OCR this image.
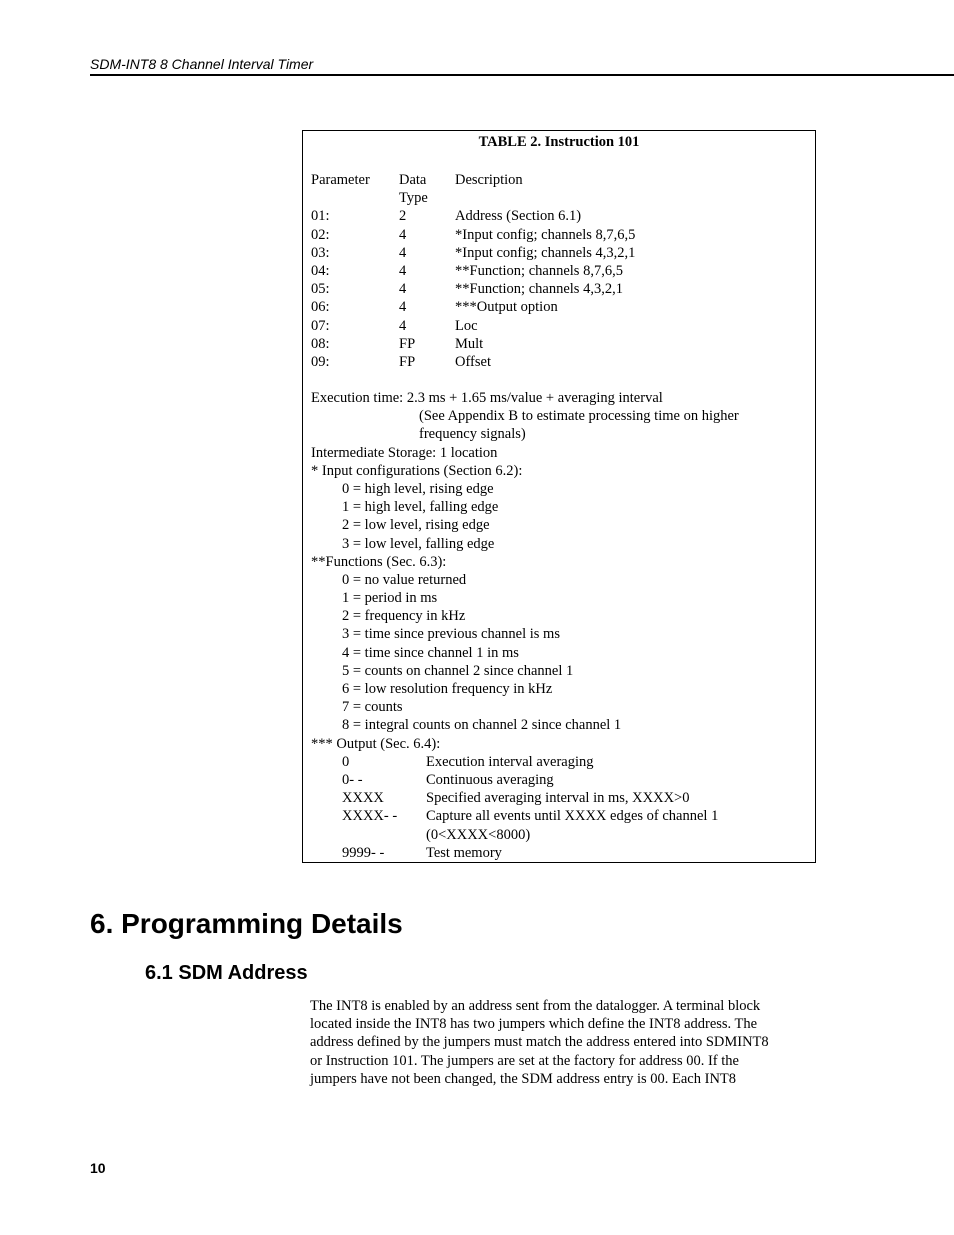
SDM-INT8 8 Channel Interval Timer
TABLE 2. Instruction 101
Parameter Data Description
Type
01:	2	Address (Section 6.1)
02:	4	*Input config; channels 8,7,6,5
03:	4	*Input config; channels 4,3,2,1
04:	4	**Function; channels 8,7,6,5
05:	4	**Function; channels 4,3,2,1
06:	4	***Output option
07:	4	Loc
08:	FP	Mult
09:	FP	Offset
Execution time: 2.3 ms + 1.65 ms/value + averaging interval
(See Appendix B to estimate processing time on higher
frequency signals)
Intermediate Storage: 1 location
* Input configurations (Section 6.2):
0 = high level, rising edge
1 = high level, falling edge
2 = low level, rising edge
3 = low level, falling edge
**Functions (Sec. 6.3):
0 = no value returned
1 = period in ms
2 = frequency in kHz
3 = time since previous channel is ms
4 = time since channel 1 in ms
5 = counts on channel 2 since channel 1
6 = low resolution frequency in kHz
7 = counts
8 = integral counts on channel 2 since channel 1
*** Output (Sec. 6.4):
0	Execution interval averaging
0- -	Continuous averaging
XXXX	Specified averaging interval in ms, XXXX>0
XXXX- - Capture all events until XXXX edges of channel 1
(0<XXXX<8000)
9999- -	Test memory
6. Programming Details
6.1 SDM Address
The INT8 is enabled by an address sent from the datalogger. A terminal block
located inside the INT8 has two jumpers which define the INT8 address. The
address defined by the jumpers must match the address entered into SDMINT8
or Instruction 101. The jumpers are set at the factory for address 00. If the
jumpers have not been changed, the SDM address entry is 00. Each INT8
10
